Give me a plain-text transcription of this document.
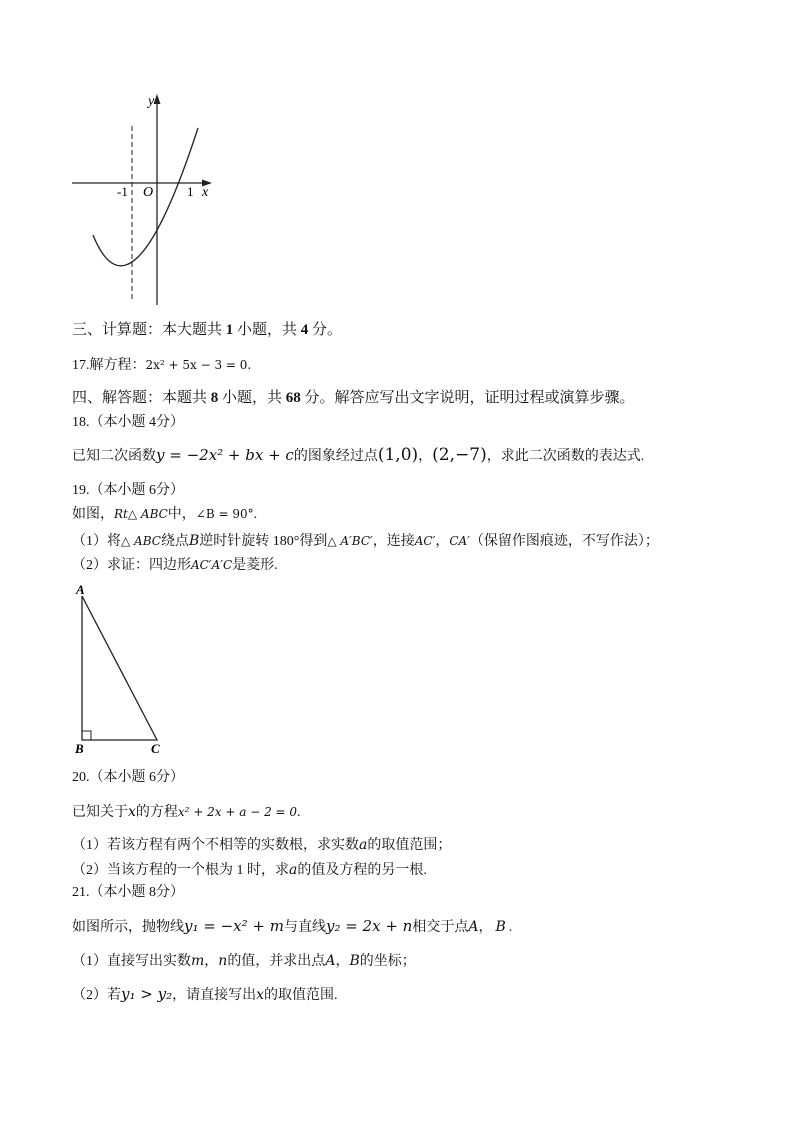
y
x
O
-1	1
三、计算题：本大题共 1 小题，共 4 分。
17.解方程：2x² + 5x − 3 = 0.
四、解答题：本题共 8 小题，共 68 分。解答应写出文字说明，证明过程或演算步骤。
18.（本小题 4分）
已知二次函数y = −2x² + bx + c的图象经过点(1,0)，(2,−7)，求此二次函数的表达式.
19.（本小题 6分）
如图，Rt△ ABC中，∠B = 90°.
（1）将△ ABC绕点B逆时针旋转 180°得到△ A′BC′，连接AC′，CA′（保留作图痕迹，不写作法）；
（2）求证：四边形AC′A′C是菱形.
A
B	C
20.（本小题 6分）
已知关于x的方程x² + 2x + a − 2 = 0.
（1）若该方程有两个不相等的实数根，求实数a的取值范围；
（2）当该方程的一个根为 1 时，求a的值及方程的另一根.
21.（本小题 8分）
如图所示，抛物线y₁ = −x² + m与直线y₂ = 2x + n相交于点A， B .
（1）直接写出实数m，n的值，并求出点A，B的坐标；
（2）若y₁ > y₂，请直接写出x的取值范围.
